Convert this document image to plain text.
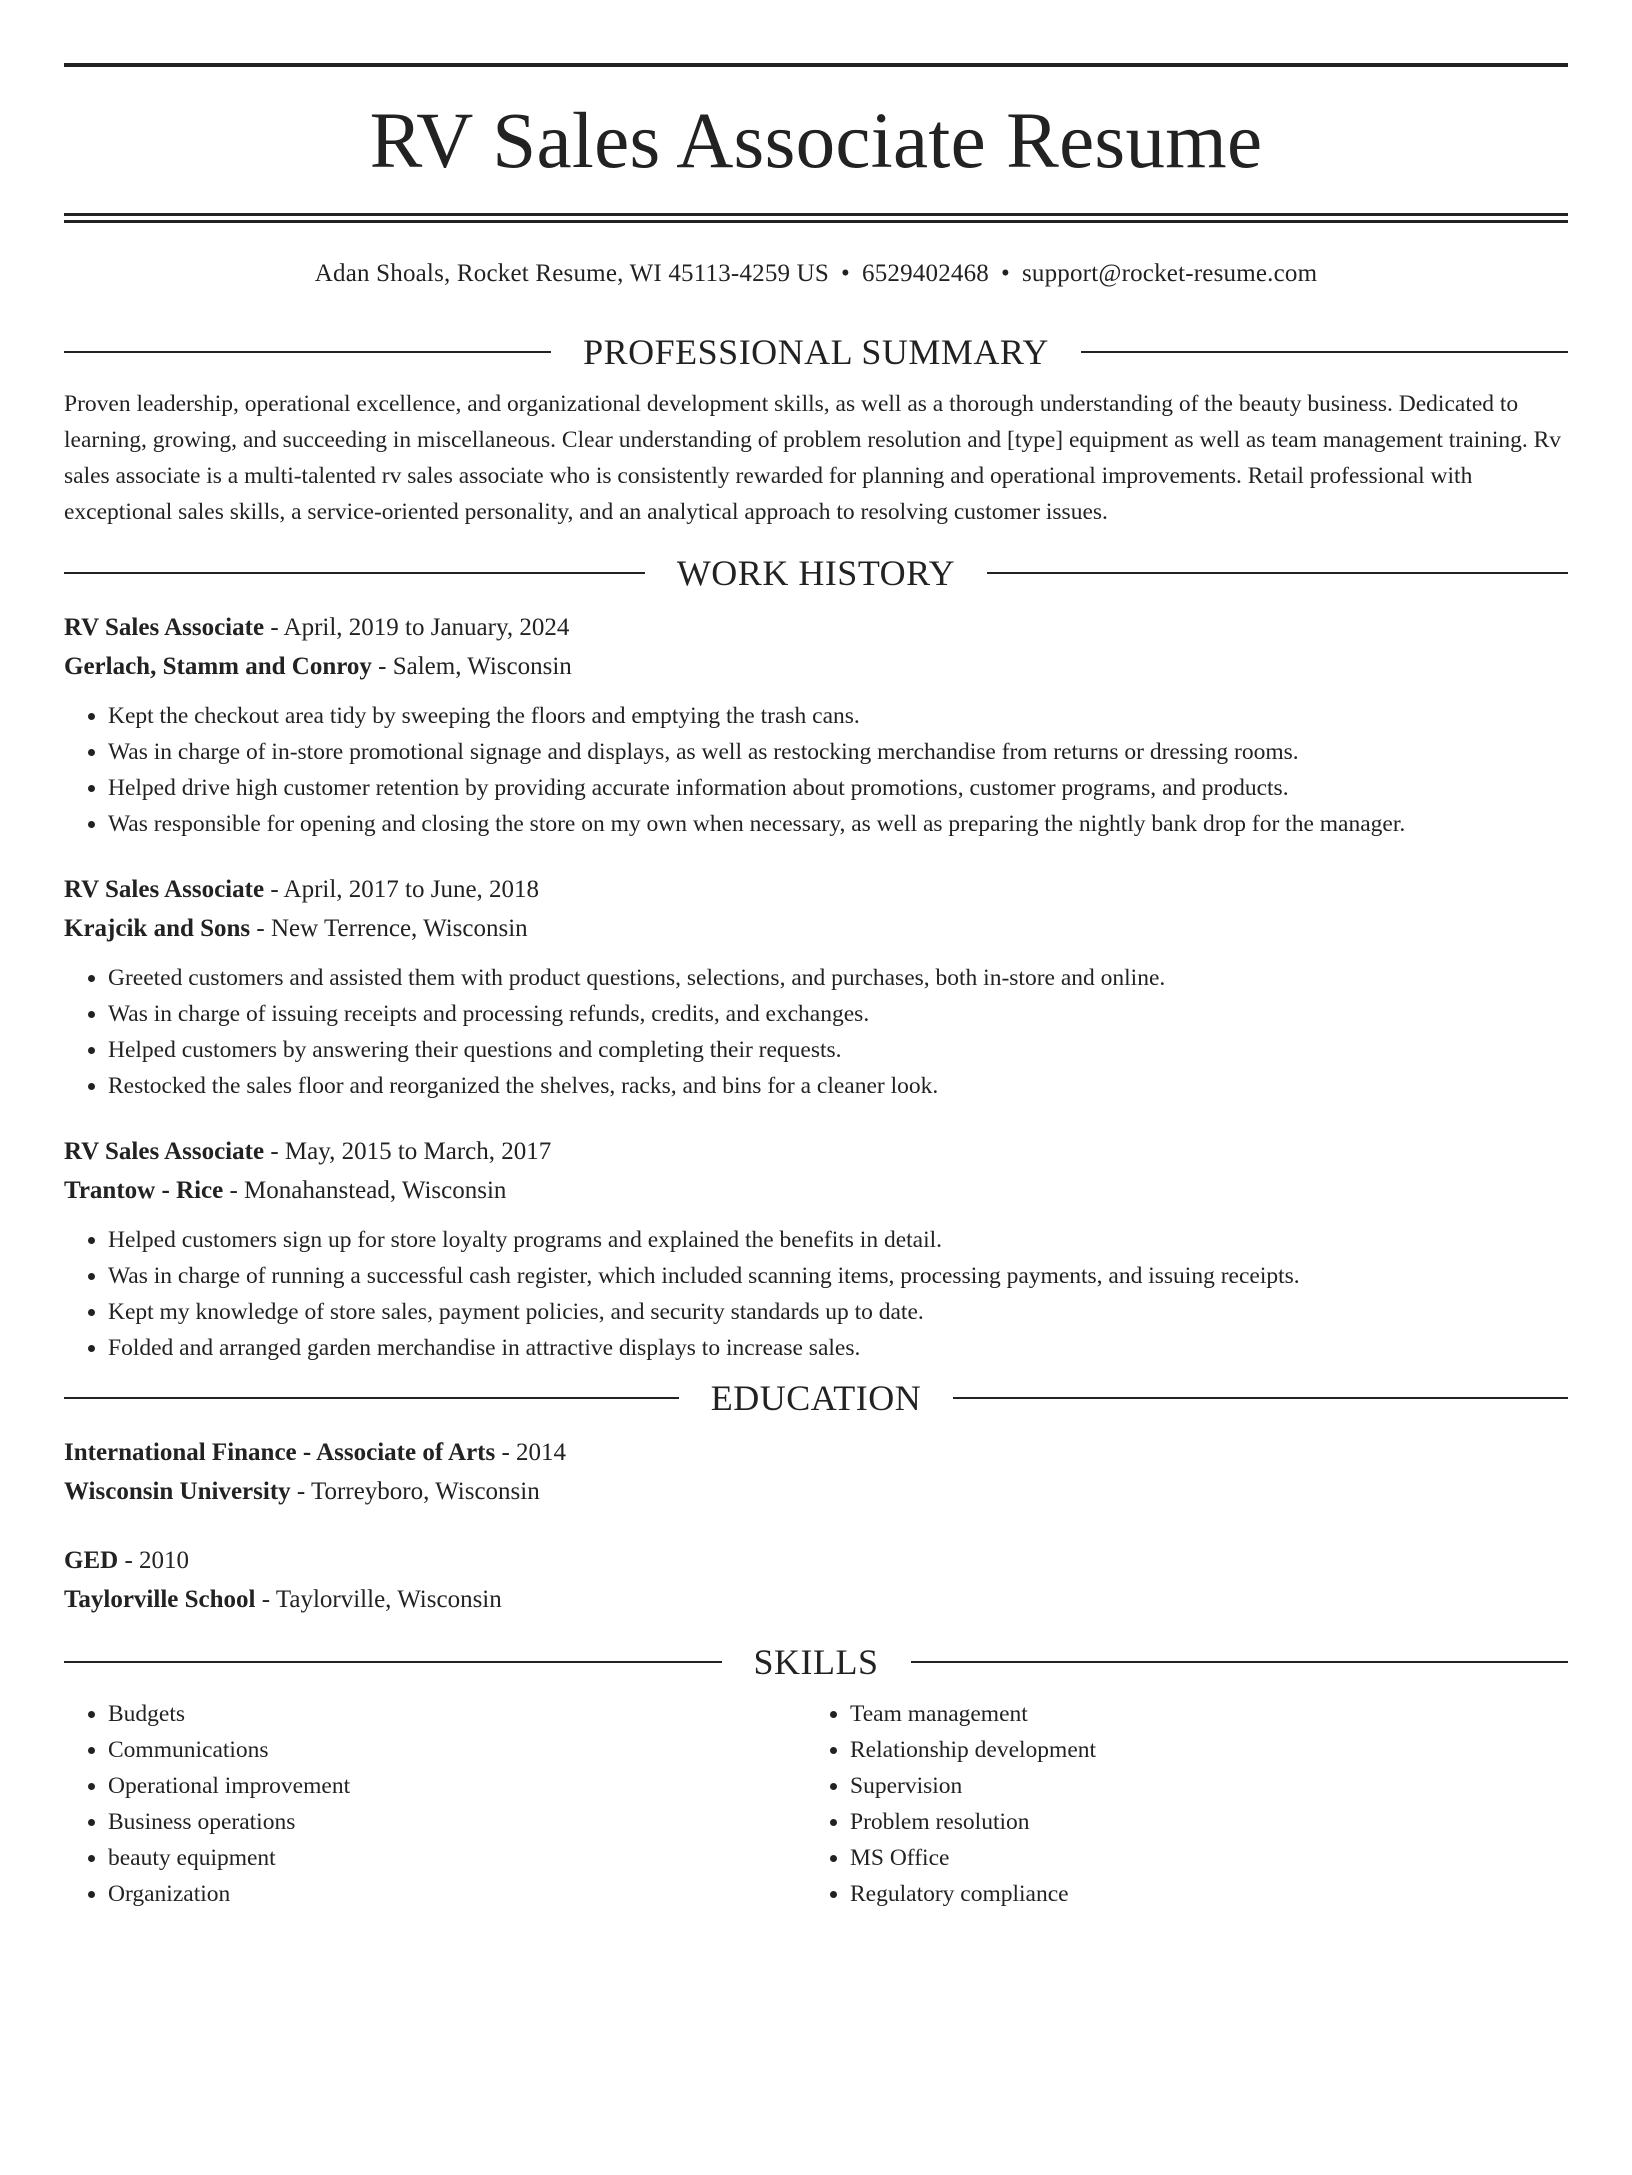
RV Sales Associate Resume
Adan Shoals, Rocket Resume, WI 45113-4259 US • 6529402468 • support@rocket-resume.com
PROFESSIONAL SUMMARY

Proven leadership, operational excellence, and organizational development skills, as well as a thorough understanding of the beauty business. Dedicated to learning, growing, and succeeding in miscellaneous. Clear understanding of problem resolution and [type] equipment as well as team management training. Rv sales associate is a multi-talented rv sales associate who is consistently rewarded for planning and operational improvements. Retail professional with exceptional sales skills, a service-oriented personality, and an analytical approach to resolving customer issues.

WORK HISTORY
RV Sales Associate - April, 2019 to January, 2024
Gerlach, Stamm and Conroy - Salem, Wisconsin
• Kept the checkout area tidy by sweeping the floors and emptying the trash cans.
• Was in charge of in-store promotional signage and displays, as well as restocking merchandise from returns or dressing rooms.
• Helped drive high customer retention by providing accurate information about promotions, customer programs, and products.
• Was responsible for opening and closing the store on my own when necessary, as well as preparing the nightly bank drop for the manager.
RV Sales Associate - April, 2017 to June, 2018
Krajcik and Sons - New Terrence, Wisconsin
• Greeted customers and assisted them with product questions, selections, and purchases, both in-store and online.
• Was in charge of issuing receipts and processing refunds, credits, and exchanges.
• Helped customers by answering their questions and completing their requests.
• Restocked the sales floor and reorganized the shelves, racks, and bins for a cleaner look.
RV Sales Associate - May, 2015 to March, 2017
Trantow - Rice - Monahanstead, Wisconsin
• Helped customers sign up for store loyalty programs and explained the benefits in detail.
• Was in charge of running a successful cash register, which included scanning items, processing payments, and issuing receipts.
• Kept my knowledge of store sales, payment policies, and security standards up to date.
• Folded and arranged garden merchandise in attractive displays to increase sales.
EDUCATION
International Finance - Associate of Arts - 2014
Wisconsin University - Torreyboro, Wisconsin
GED - 2010
Taylorville School - Taylorville, Wisconsin
SKILLS
• Budgets
• Communications
• Operational improvement
• Business operations
• beauty equipment
• Organization
• Team management
• Relationship development
• Supervision
• Problem resolution
• MS Office
• Regulatory compliance
